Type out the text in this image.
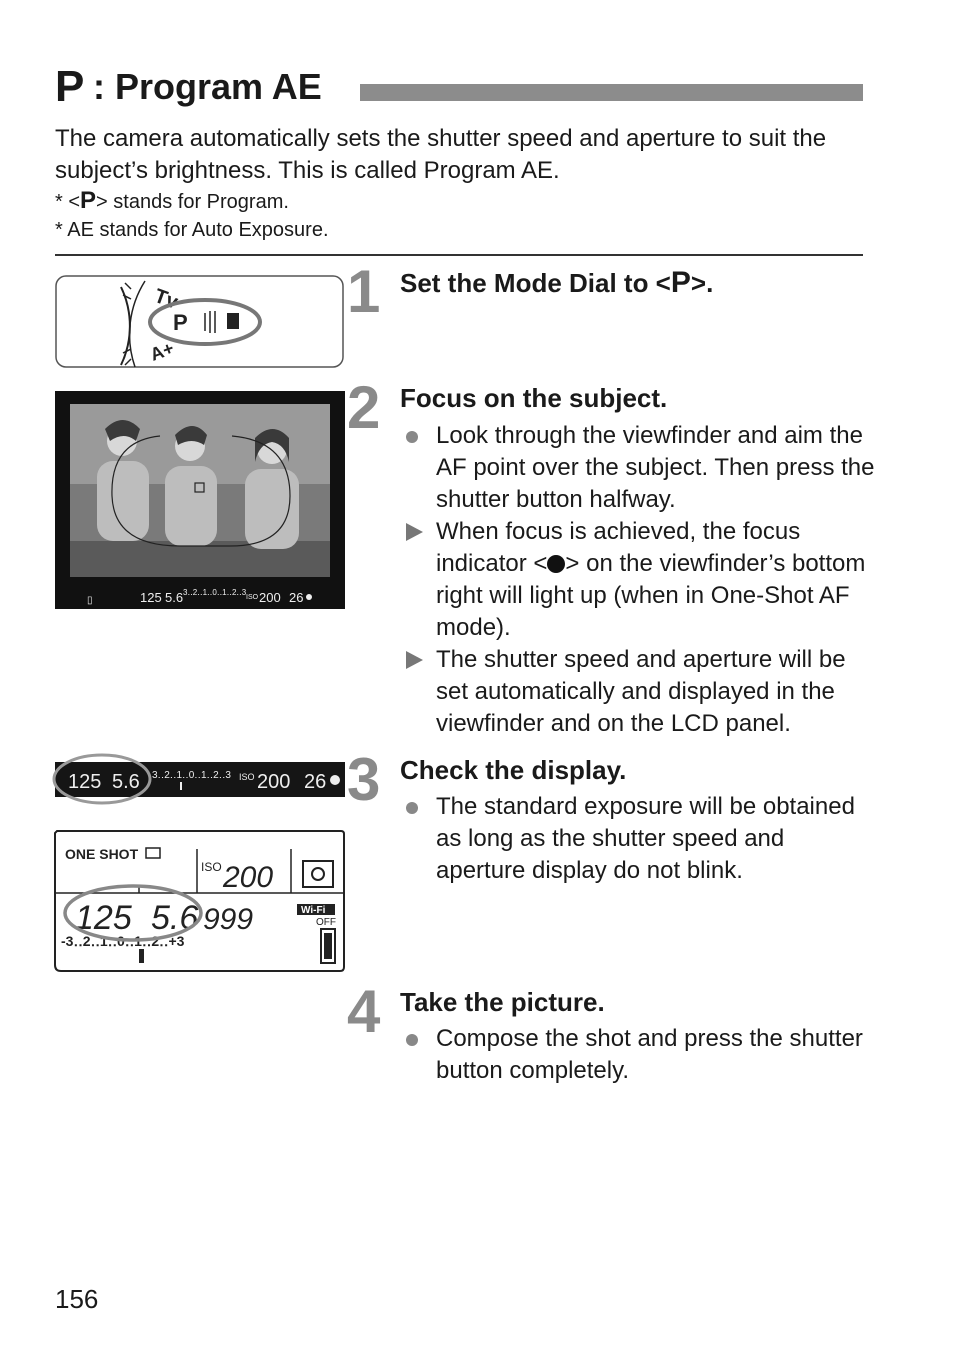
P : Program AE
The camera automatically sets the shutter speed and aperture to suit the subject’s brightness. This is called Program AE.
* <P> stands for Program.
* AE stands for Auto Exposure.
Tv
A+
P
▯	125 5.6 3‥2‥1‥0‥1‥2‥3
ISO 200 26
125 5.6 3‥2‥1‥0‥1‥2‥3 ISO 200 26
ONE SHOT
ISO 200
125 5.6 999	Wi-Fi
OFF
-3‥2‥1‥0‥1‥2‥+3
1 Set the Mode Dial to <P>.
2 Focus on the subject.
Look through the viewfinder and aim the AF point over the subject. Then press the shutter button halfway.
When focus is achieved, the focus indicator < > on the viewfinder’s bottom right will light up (when in One-Shot AF mode).
The shutter speed and aperture will be set automatically and displayed in the viewfinder and on the LCD panel.
3 Check the display.
The standard exposure will be obtained as long as the shutter speed and aperture display do not blink.
4 Take the picture.
Compose the shot and press the shutter button completely.
156
